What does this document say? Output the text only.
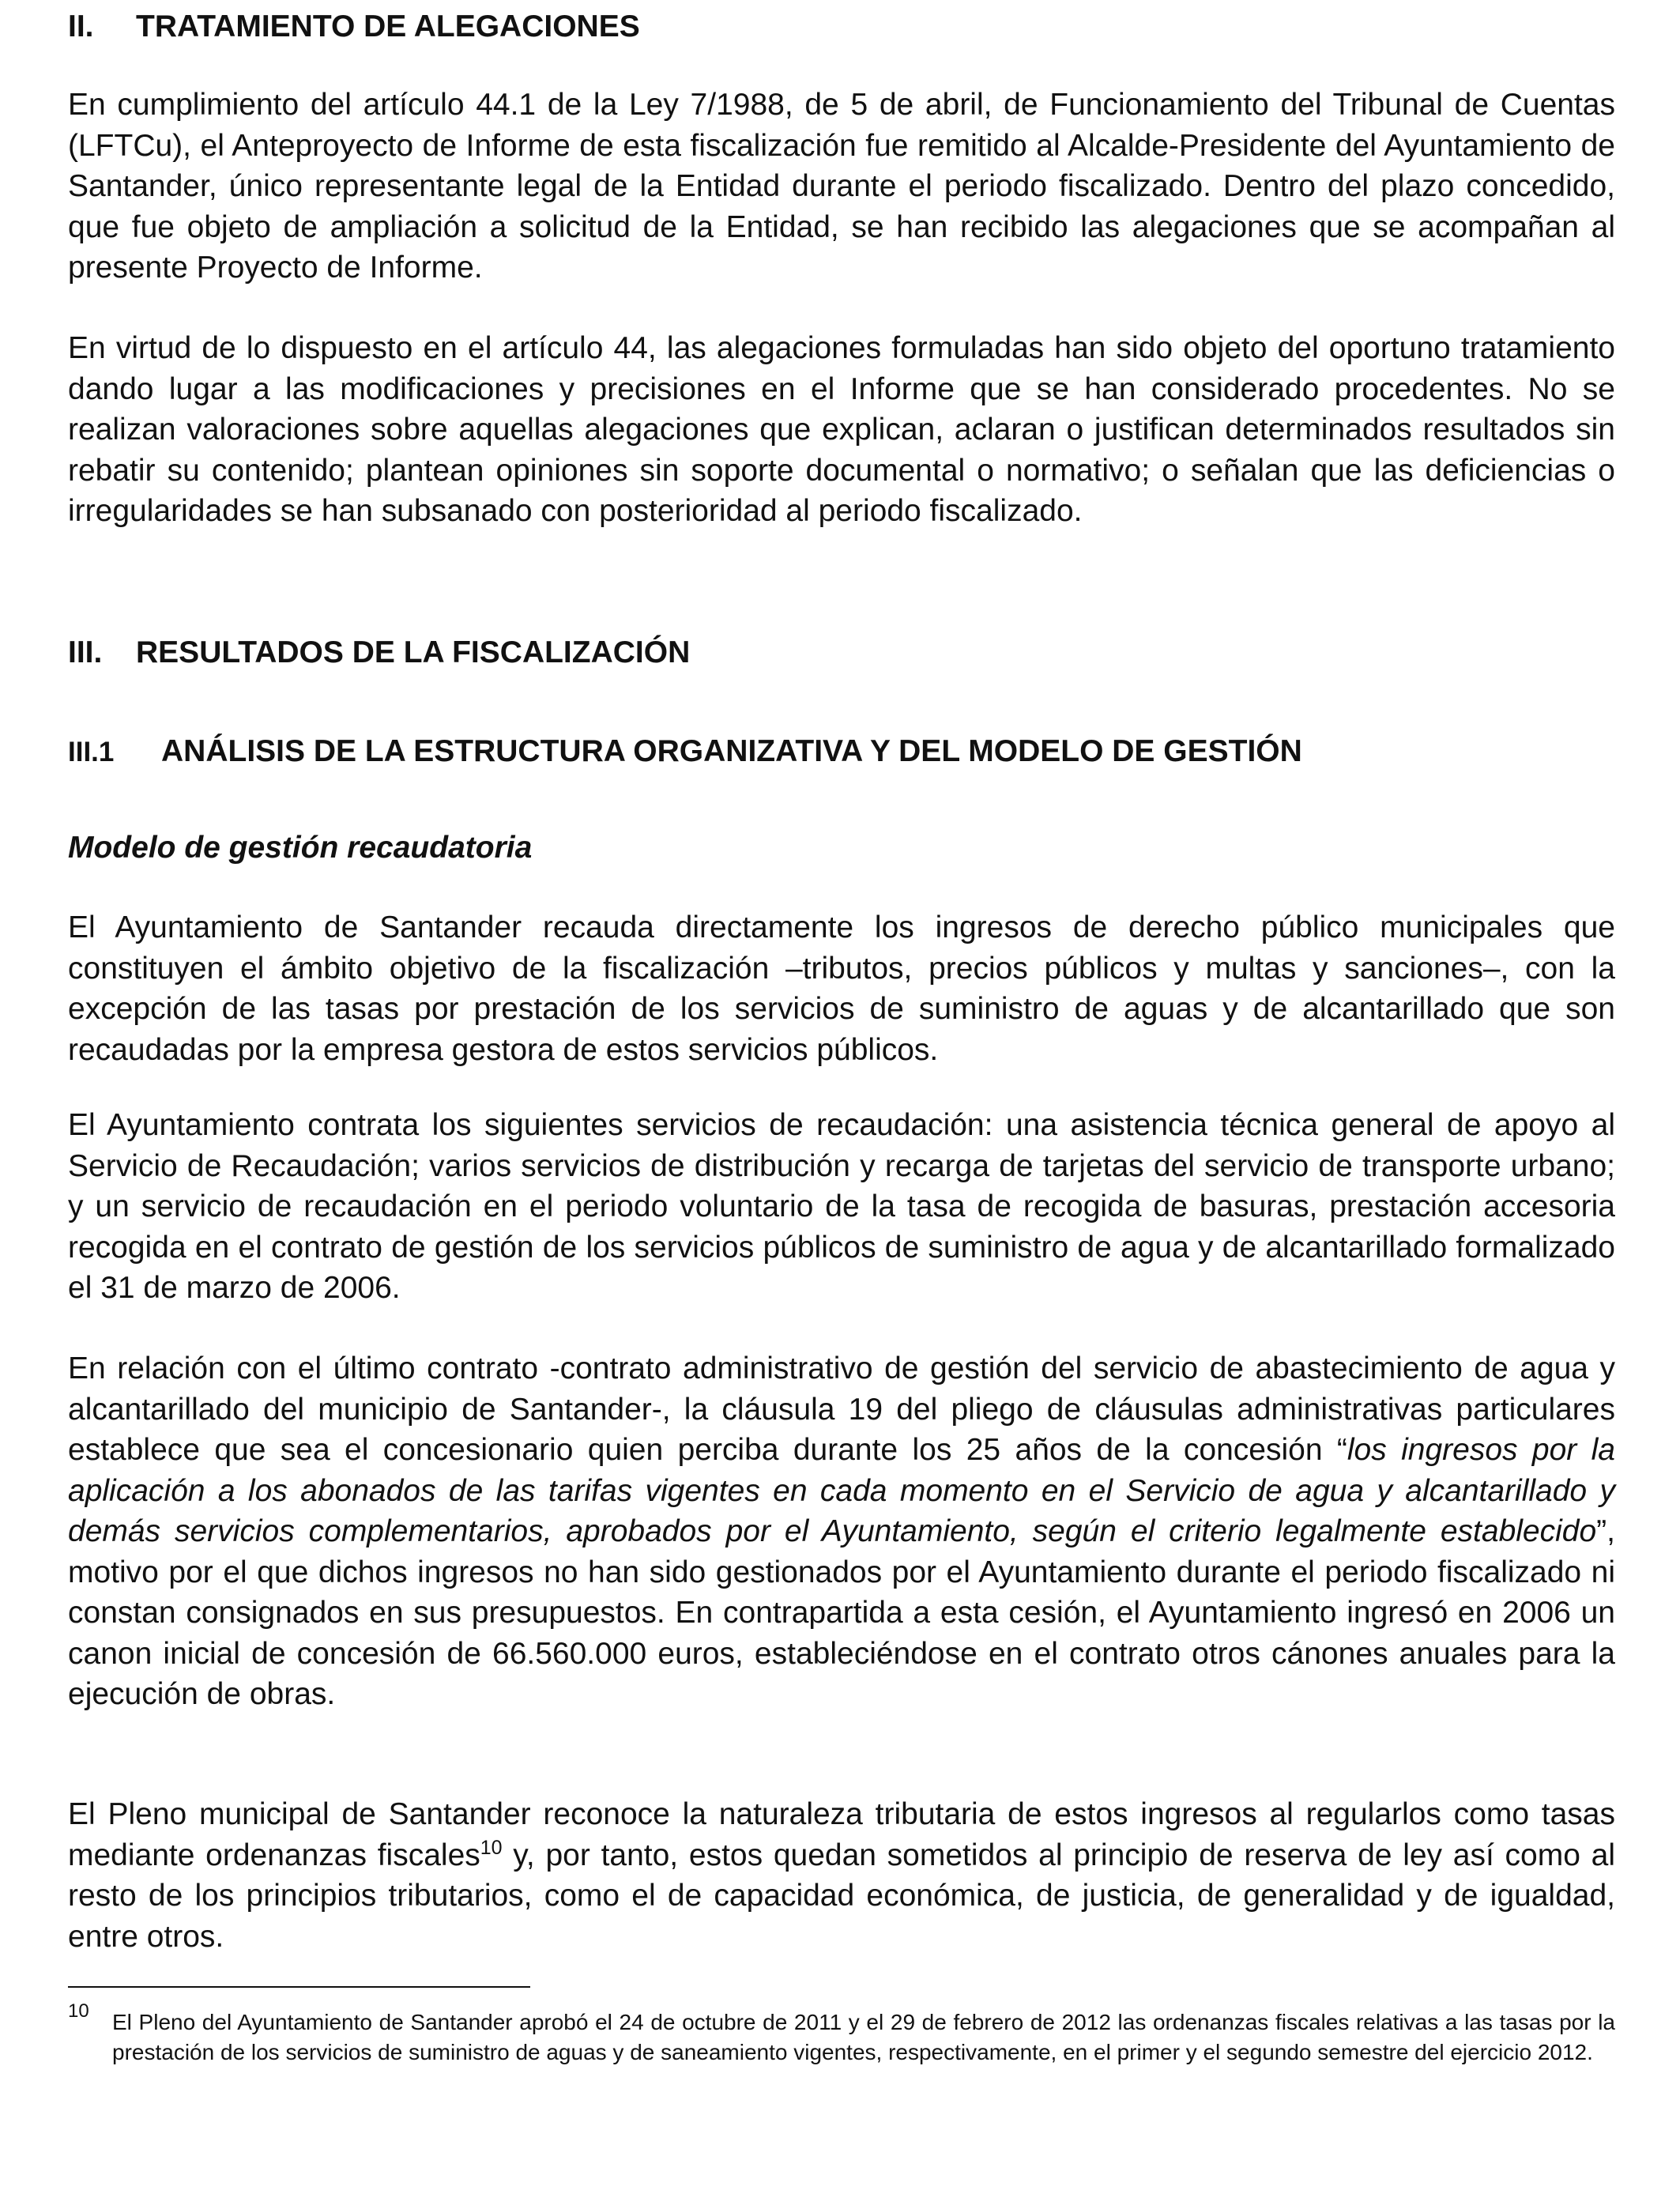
II.	TRATAMIENTO DE ALEGACIONES

En cumplimiento del artículo 44.1 de la Ley 7/1988, de 5 de abril, de Funcionamiento del Tribunal de Cuentas (LFTCu), el Anteproyecto de Informe de esta fiscalización fue remitido al Alcalde-Presidente del Ayuntamiento de Santander, único representante legal de la Entidad durante el periodo fiscalizado. Dentro del plazo concedido, que fue objeto de ampliación a solicitud de la Entidad, se han recibido las alegaciones que se acompañan al presente Proyecto de Informe.

En virtud de lo dispuesto en el artículo 44, las alegaciones formuladas han sido objeto del oportuno tratamiento dando lugar a las modificaciones y precisiones en el Informe que se han considerado procedentes. No se realizan valoraciones sobre aquellas alegaciones que explican, aclaran o justifican determinados resultados sin rebatir su contenido; plantean opiniones sin soporte documental o normativo; o señalan que las deficiencias o irregularidades se han subsanado con posterioridad al periodo fiscalizado.

III.	RESULTADOS DE LA FISCALIZACIÓN
III.1	ANÁLISIS DE LA ESTRUCTURA ORGANIZATIVA Y DEL MODELO DE GESTIÓN
Modelo de gestión recaudatoria

El Ayuntamiento de Santander recauda directamente los ingresos de derecho público municipales que constituyen el ámbito objetivo de la fiscalización –tributos, precios públicos y multas y sanciones–, con la excepción de las tasas por prestación de los servicios de suministro de aguas y de alcantarillado que son recaudadas por la empresa gestora de estos servicios públicos.

El Ayuntamiento contrata los siguientes servicios de recaudación: una asistencia técnica general de apoyo al Servicio de Recaudación; varios servicios de distribución y recarga de tarjetas del servicio de transporte urbano; y un servicio de recaudación en el periodo voluntario de la tasa de recogida de basuras, prestación accesoria recogida en el contrato de gestión de los servicios públicos de suministro de agua y de alcantarillado formalizado el 31 de marzo de 2006.

En relación con el último contrato -contrato administrativo de gestión del servicio de abastecimiento de agua y alcantarillado del municipio de Santander-, la cláusula 19 del pliego de cláusulas administrativas particulares establece que sea el concesionario quien perciba durante los 25 años de la concesión “los ingresos por la aplicación a los abonados de las tarifas vigentes en cada momento en el Servicio de agua y alcantarillado y demás servicios complementarios, aprobados por el Ayuntamiento, según el criterio legalmente establecido”, motivo por el que dichos ingresos no han sido gestionados por el Ayuntamiento durante el periodo fiscalizado ni constan consignados en sus presupuestos. En contrapartida a esta cesión, el Ayuntamiento ingresó en 2006 un canon inicial de concesión de 66.560.000 euros, estableciéndose en el contrato otros cánones anuales para la ejecución de obras.

El Pleno municipal de Santander reconoce la naturaleza tributaria de estos ingresos al regularlos como tasas mediante ordenanzas fiscales$^{10}$ y, por tanto, estos quedan sometidos al principio de reserva de ley así como al resto de los principios tributarios, como el de capacidad económica, de justicia, de generalidad y de igualdad, entre otros.

10	El Pleno del Ayuntamiento de Santander aprobó el 24 de octubre de 2011 y el 29 de febrero de 2012 las ordenanzas fiscales relativas a las tasas por la prestación de los servicios de suministro de aguas y de saneamiento vigentes, respectivamente, en el primer y el segundo semestre del ejercicio 2012.
